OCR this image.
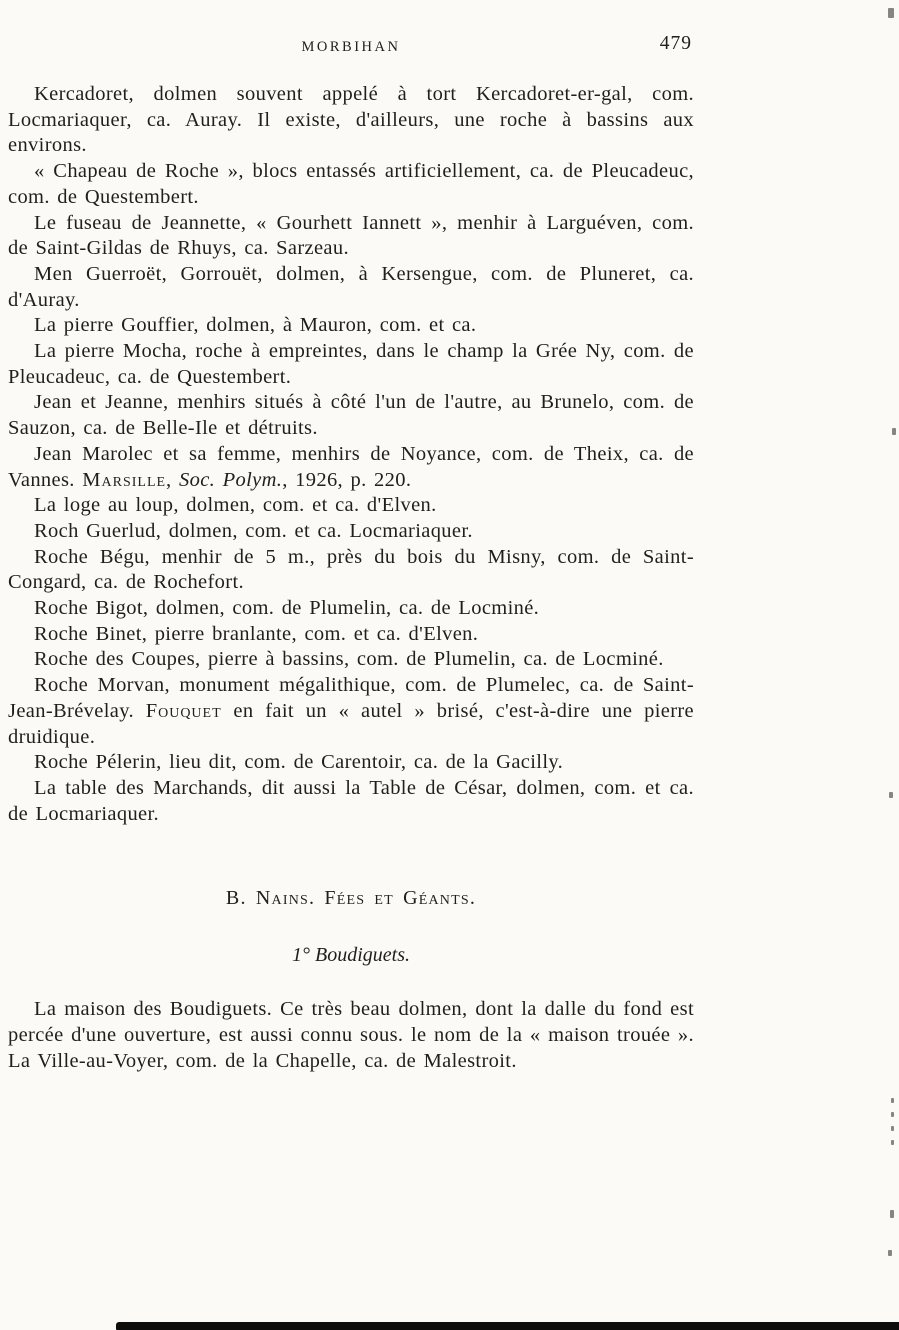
MORBIHAN	479

Kercadoret, dolmen souvent appelé à tort Kercadoret-er-gal, com. Locmariaquer, ca. Auray. Il existe, d'ailleurs, une roche à bassins aux environs.

« Chapeau de Roche », blocs entassés artificiellement, ca. de Pleucadeuc, com. de Questembert.

Le fuseau de Jeannette, « Gourhett Iannett », menhir à Larguéven, com. de Saint-Gildas de Rhuys, ca. Sarzeau.

Men Guerroët, Gorrouët, dolmen, à Kersengue, com. de Pluneret, ca. d'Auray.

La pierre Gouffier, dolmen, à Mauron, com. et ca.

La pierre Mocha, roche à empreintes, dans le champ la Grée Ny, com. de Pleucadeuc, ca. de Questembert.

Jean et Jeanne, menhirs situés à côté l'un de l'autre, au Brunelo, com. de Sauzon, ca. de Belle-Ile et détruits.

Jean Marolec et sa femme, menhirs de Noyance, com. de Theix, ca. de Vannes. Marsille, Soc. Polym., 1926, p. 220.

La loge au loup, dolmen, com. et ca. d'Elven.

Roch Guerlud, dolmen, com. et ca. Locmariaquer.

Roche Bégu, menhir de 5 m., près du bois du Misny, com. de Saint-Congard, ca. de Rochefort.

Roche Bigot, dolmen, com. de Plumelin, ca. de Locminé.

Roche Binet, pierre branlante, com. et ca. d'Elven.

Roche des Coupes, pierre à bassins, com. de Plumelin, ca. de Locminé.

Roche Morvan, monument mégalithique, com. de Plumelec, ca. de Saint-Jean-Brévelay. Fouquet en fait un « autel » brisé, c'est-à-dire une pierre druidique.

Roche Pélerin, lieu dit, com. de Carentoir, ca. de la Gacilly.

La table des Marchands, dit aussi la Table de César, dolmen, com. et ca. de Locmariaquer.

B. Nains. Fées et Géants.
1° Boudiguets.

La maison des Boudiguets. Ce très beau dolmen, dont la dalle du fond est percée d'une ouverture, est aussi connu sous. le nom de la « maison trouée ». La Ville-au-Voyer, com. de la Chapelle, ca. de Malestroit.
